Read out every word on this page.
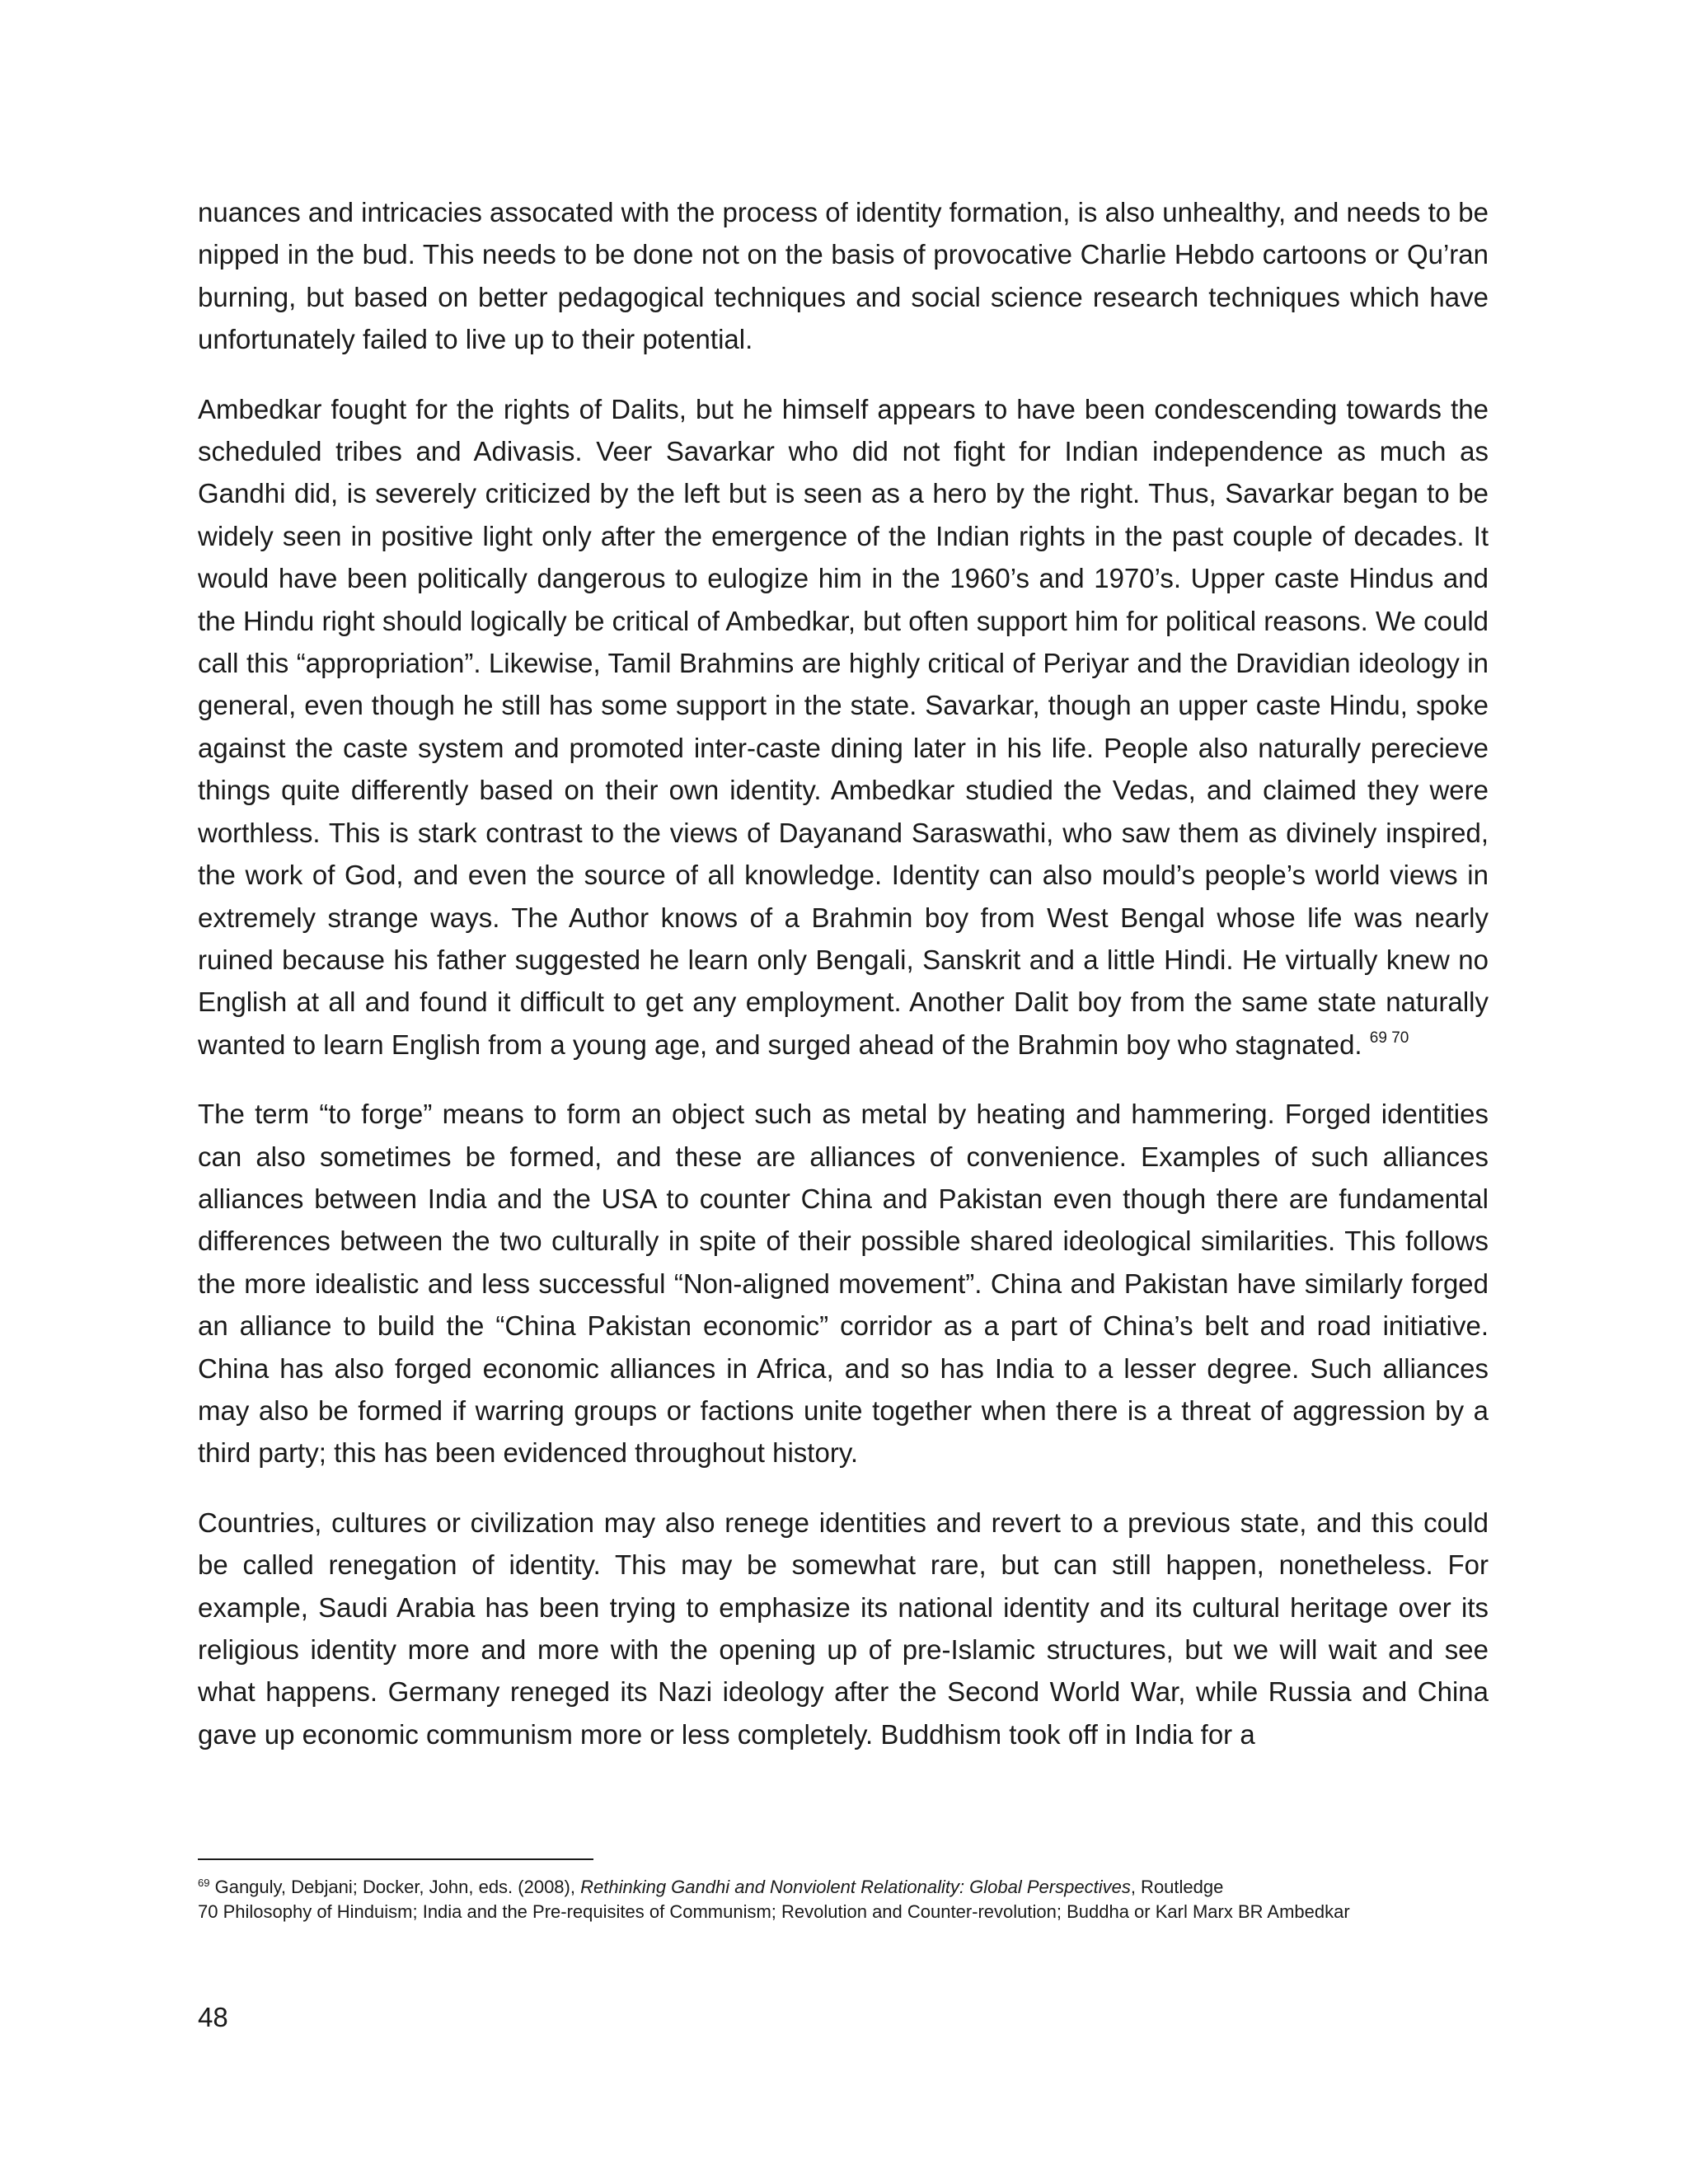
nuances and intricacies assocated with the process of identity formation, is also unhealthy, and needs to be nipped in the bud. This needs to be done not on the basis of provocative Charlie Hebdo cartoons or Qu’ran burning, but based on better pedagogical techniques and social science research techniques which have unfortunately failed to live up to their potential.

Ambedkar fought for the rights of Dalits, but he himself appears to have been condescending towards the scheduled tribes and Adivasis. Veer Savarkar who did not fight for Indian independence as much as Gandhi did, is severely criticized by the left but is seen as a hero by the right. Thus, Savarkar began to be widely seen in positive light only after the emergence of the Indian rights in the past couple of decades. It would have been politically dangerous to eulogize him in the 1960’s and 1970’s. Upper caste Hindus and the Hindu right should logically be critical of Ambedkar, but often support him for political reasons. We could call this “appropriation”. Likewise, Tamil Brahmins are highly critical of Periyar and the Dravidian ideology in general, even though he still has some support in the state. Savarkar, though an upper caste Hindu, spoke against the caste system and promoted inter-caste dining later in his life. People also naturally perecieve things quite differently based on their own identity. Ambedkar studied the Vedas, and claimed they were worthless. This is stark contrast to the views of Dayanand Saraswathi, who saw them as divinely inspired, the work of God, and even the source of all knowledge. Identity can also mould’s people’s world views in extremely strange ways. The Author knows of a Brahmin boy from West Bengal whose life was nearly ruined because his father suggested he learn only Bengali, Sanskrit and a little Hindi. He virtually knew no English at all and found it difficult to get any employment. Another Dalit boy from the same state naturally wanted to learn English from a young age, and surged ahead of the Brahmin boy who stagnated. $^{69 70}$

The term “to forge” means to form an object such as metal by heating and hammering. Forged identities can also sometimes be formed, and these are alliances of convenience. Examples of such alliances alliances between India and the USA to counter China and Pakistan even though there are fundamental differences between the two culturally in spite of their possible shared ideological similarities. This follows the more idealistic and less successful “Non-aligned movement”. China and Pakistan have similarly forged an alliance to build the “China Pakistan economic” corridor as a part of China’s belt and road initiative. China has also forged economic alliances in Africa, and so has India to a lesser degree. Such alliances may also be formed if warring groups or factions unite together when there is a threat of aggression by a third party; this has been evidenced throughout history.

Countries, cultures or civilization may also renege identities and revert to a previous state, and this could be called renegation of identity. This may be somewhat rare, but can still happen, nonetheless. For example, Saudi Arabia has been trying to emphasize its national identity and its cultural heritage over its religious identity more and more with the opening up of pre-Islamic structures, but we will wait and see what happens. Germany reneged its Nazi ideology after the Second World War, while Russia and China gave up economic communism more or less completely. Buddhism took off in India for a

$^{69}$ Ganguly, Debjani; Docker, John, eds. (2008), Rethinking Gandhi and Nonviolent Relationality: Global Perspectives, Routledge

70 Philosophy of Hinduism; India and the Pre-requisites of Communism; Revolution and Counter-revolution; Buddha or Karl Marx BR Ambedkar

48
